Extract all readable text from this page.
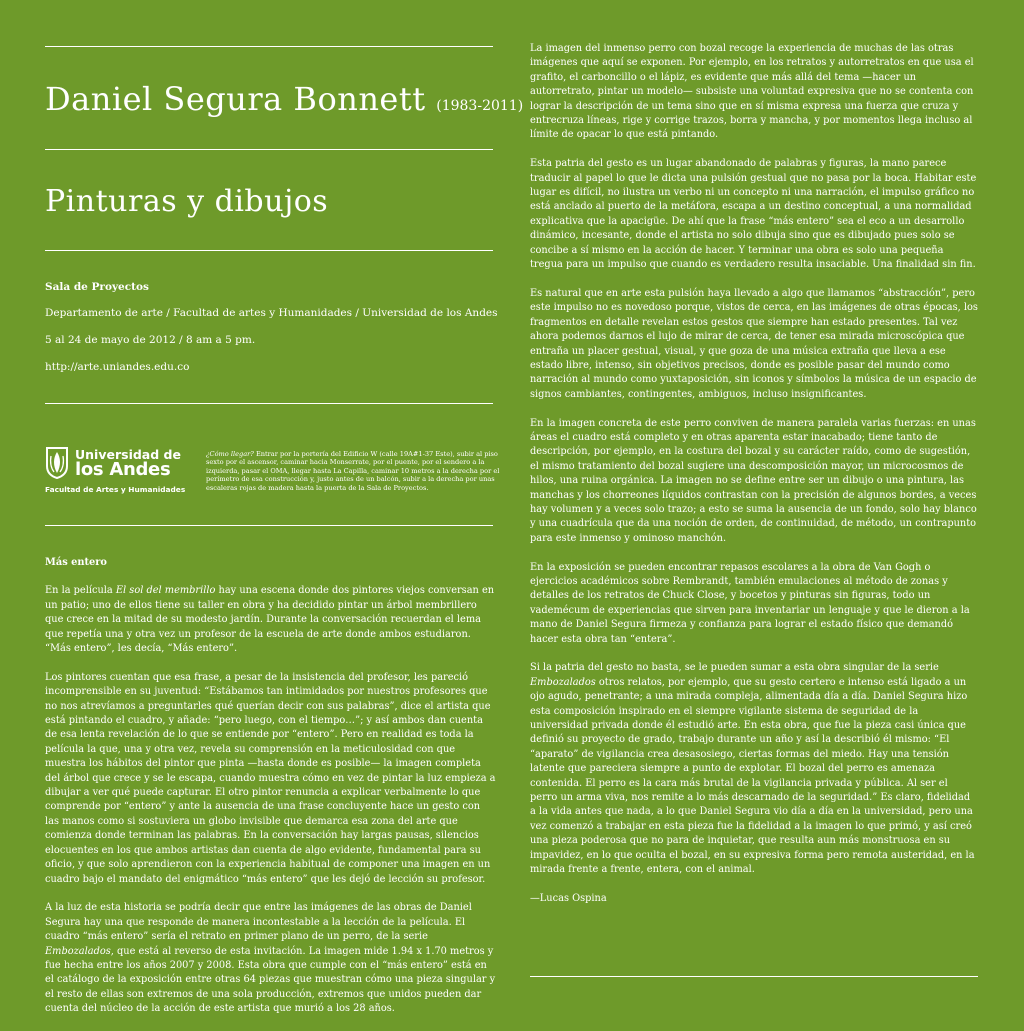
Daniel Segura Bonnett (1983-2011)
Pinturas y dibujos
Sala de Proyectos
Departamento de arte / Facultad de artes y Humanidades / Universidad de los Andes
5 al 24 de mayo de 2012 / 8 am a 5 pm.
http://arte.uniandes.edu.co
Universidad de
los Andes
Facultad de Artes y Humanidades
¿Cómo llegar? Entrar por la portería del Edificio W (calle 19A#1-37 Este), subir al piso sexto por el ascensor, caminar hacia Monserrate, por el puente, por el sendero a la izquierda, pasar el OMA, llegar hasta La Capilla, caminar 10 metros a la derecha por el perímetro de esa construcción y, justo antes de un balcón, subir a la derecha por unas escaleras rojas de madera hasta la puerta de la Sala de Proyectos.

Más entero

En la película El sol del membrillo hay una escena donde dos pintores viejos conversan en un patio; uno de ellos tiene su taller en obra y ha decidido pintar un árbol membrillero que crece en la mitad de su modesto jardín. Durante la conversación recuerdan el lema que repetía una y otra vez un profesor de la escuela de arte donde ambos estudiaron. “Más entero”, les decía, “Más entero”.

Los pintores cuentan que esa frase, a pesar de la insistencia del profesor, les pareció incomprensible en su juventud: “Estábamos tan intimidados por nuestros profesores que no nos atrevíamos a preguntarles qué querían decir con sus palabras”, dice el artista que está pintando el cuadro, y añade: “pero luego, con el tiempo…”; y así ambos dan cuenta de esa lenta revelación de lo que se entiende por “entero”. Pero en realidad es toda la película la que, una y otra vez, revela su comprensión en la meticulosidad con que muestra los hábitos del pintor que pinta —hasta donde es posible— la imagen completa del árbol que crece y se le escapa, cuando muestra cómo en vez de pintar la luz empieza a dibujar a ver qué puede capturar. El otro pintor renuncia a explicar verbalmente lo que comprende por “entero” y ante la ausencia de una frase concluyente hace un gesto con las manos como si sostuviera un globo invisible que demarca esa zona del arte que comienza donde terminan las palabras. En la conversación hay largas pausas, silencios elocuentes en los que ambos artistas dan cuenta de algo evidente, fundamental para su oficio, y que solo aprendieron con la experiencia habitual de componer una imagen en un cuadro bajo el mandato del enigmático “más entero” que les dejó de lección su profesor.

A la luz de esta historia se podría decir que entre las imágenes de las obras de Daniel Segura hay una que responde de manera incontestable a la lección de la película. El cuadro “más entero” sería el retrato en primer plano de un perro, de la serie Embozalados, que está al reverso de esta invitación. La imagen mide 1.94 x 1.70 metros y fue hecha entre los años 2007 y 2008. Esta obra que cumple con el “más entero” está en el catálogo de la exposición entre otras 64 piezas que muestran cómo una pieza singular y el resto de ellas son extremos de una sola producción, extremos que unidos pueden dar cuenta del núcleo de la acción de este artista que murió a los 28 años.

La imagen del inmenso perro con bozal recoge la experiencia de muchas de las otras imágenes que aquí se exponen. Por ejemplo, en los retratos y autorretratos en que usa el grafito, el carboncillo o el lápiz, es evidente que más allá del tema —hacer un autorretrato, pintar un modelo— subsiste una voluntad expresiva que no se contenta con lograr la descripción de un tema sino que en sí misma expresa una fuerza que cruza y entrecruza líneas, rige y corrige trazos, borra y mancha, y por momentos llega incluso al límite de opacar lo que está pintando.

Esta patria del gesto es un lugar abandonado de palabras y figuras, la mano parece traducir al papel lo que le dicta una pulsión gestual que no pasa por la boca. Habitar este lugar es difícil, no ilustra un verbo ni un concepto ni una narración, el impulso gráfico no está anclado al puerto de la metáfora, escapa a un destino conceptual, a una normalidad explicativa que la apacigüe. De ahí que la frase “más entero” sea el eco a un desarrollo dinámico, incesante, donde el artista no solo dibuja sino que es dibujado pues solo se concibe a sí mismo en la acción de hacer. Y terminar una obra es solo una pequeña tregua para un impulso que cuando es verdadero resulta insaciable. Una finalidad sin fin.

Es natural que en arte esta pulsión haya llevado a algo que llamamos “abstracción”, pero este impulso no es novedoso porque, vistos de cerca, en las imágenes de otras épocas, los fragmentos en detalle revelan estos gestos que siempre han estado presentes. Tal vez ahora podemos darnos el lujo de mirar de cerca, de tener esa mirada microscópica que entraña un placer gestual, visual, y que goza de una música extraña que lleva a ese estado libre, intenso, sin objetivos precisos, donde es posible pasar del mundo como narración al mundo como yuxtaposición, sin iconos y símbolos la música de un espacio de signos cambiantes, contingentes, ambiguos, incluso insignificantes.

En la imagen concreta de este perro conviven de manera paralela varias fuerzas: en unas áreas el cuadro está completo y en otras aparenta estar inacabado; tiene tanto de descripción, por ejemplo, en la costura del bozal y su carácter raído, como de sugestión, el mismo tratamiento del bozal sugiere una descomposición mayor, un microcosmos de hilos, una ruina orgánica. La imagen no se define entre ser un dibujo o una pintura, las manchas y los chorreones líquidos contrastan con la precisión de algunos bordes, a veces hay volumen y a veces solo trazo; a esto se suma la ausencia de un fondo, solo hay blanco y una cuadrícula que da una noción de orden, de continuidad, de método, un contrapunto para este inmenso y ominoso manchón.

En la exposición se pueden encontrar repasos escolares a la obra de Van Gogh o ejercicios académicos sobre Rembrandt, también emulaciones al método de zonas y detalles de los retratos de Chuck Close, y bocetos y pinturas sin figuras, todo un vademécum de experiencias que sirven para inventariar un lenguaje y que le dieron a la mano de Daniel Segura firmeza y confianza para lograr el estado físico que demandó hacer esta obra tan “entera”.

Si la patria del gesto no basta, se le pueden sumar a esta obra singular de la serie Embozalados otros relatos, por ejemplo, que su gesto certero e intenso está ligado a un ojo agudo, penetrante; a una mirada compleja, alimentada día a día. Daniel Segura hizo esta composición inspirado en el siempre vigilante sistema de seguridad de la universidad privada donde él estudió arte. En esta obra, que fue la pieza casi única que definió su proyecto de grado, trabajo durante un año y así la describió él mismo: “El “aparato” de vigilancia crea desasosiego, ciertas formas del miedo. Hay una tensión latente que pareciera siempre a punto de explotar. El bozal del perro es amenaza contenida. El perro es la cara más brutal de la vigilancia privada y pública. Al ser el perro un arma viva, nos remite a lo más descarnado de la seguridad.” Es claro, fidelidad a la vida antes que nada, a lo que Daniel Segura vio día a día en la universidad, pero una vez comenzó a trabajar en esta pieza fue la fidelidad a la imagen lo que primó, y así creó una pieza poderosa que no para de inquietar, que resulta aun más monstruosa en su impavidez, en lo que oculta el bozal, en su expresiva forma pero remota austeridad, en la mirada frente a frente, entera, con el animal.

—Lucas Ospina
